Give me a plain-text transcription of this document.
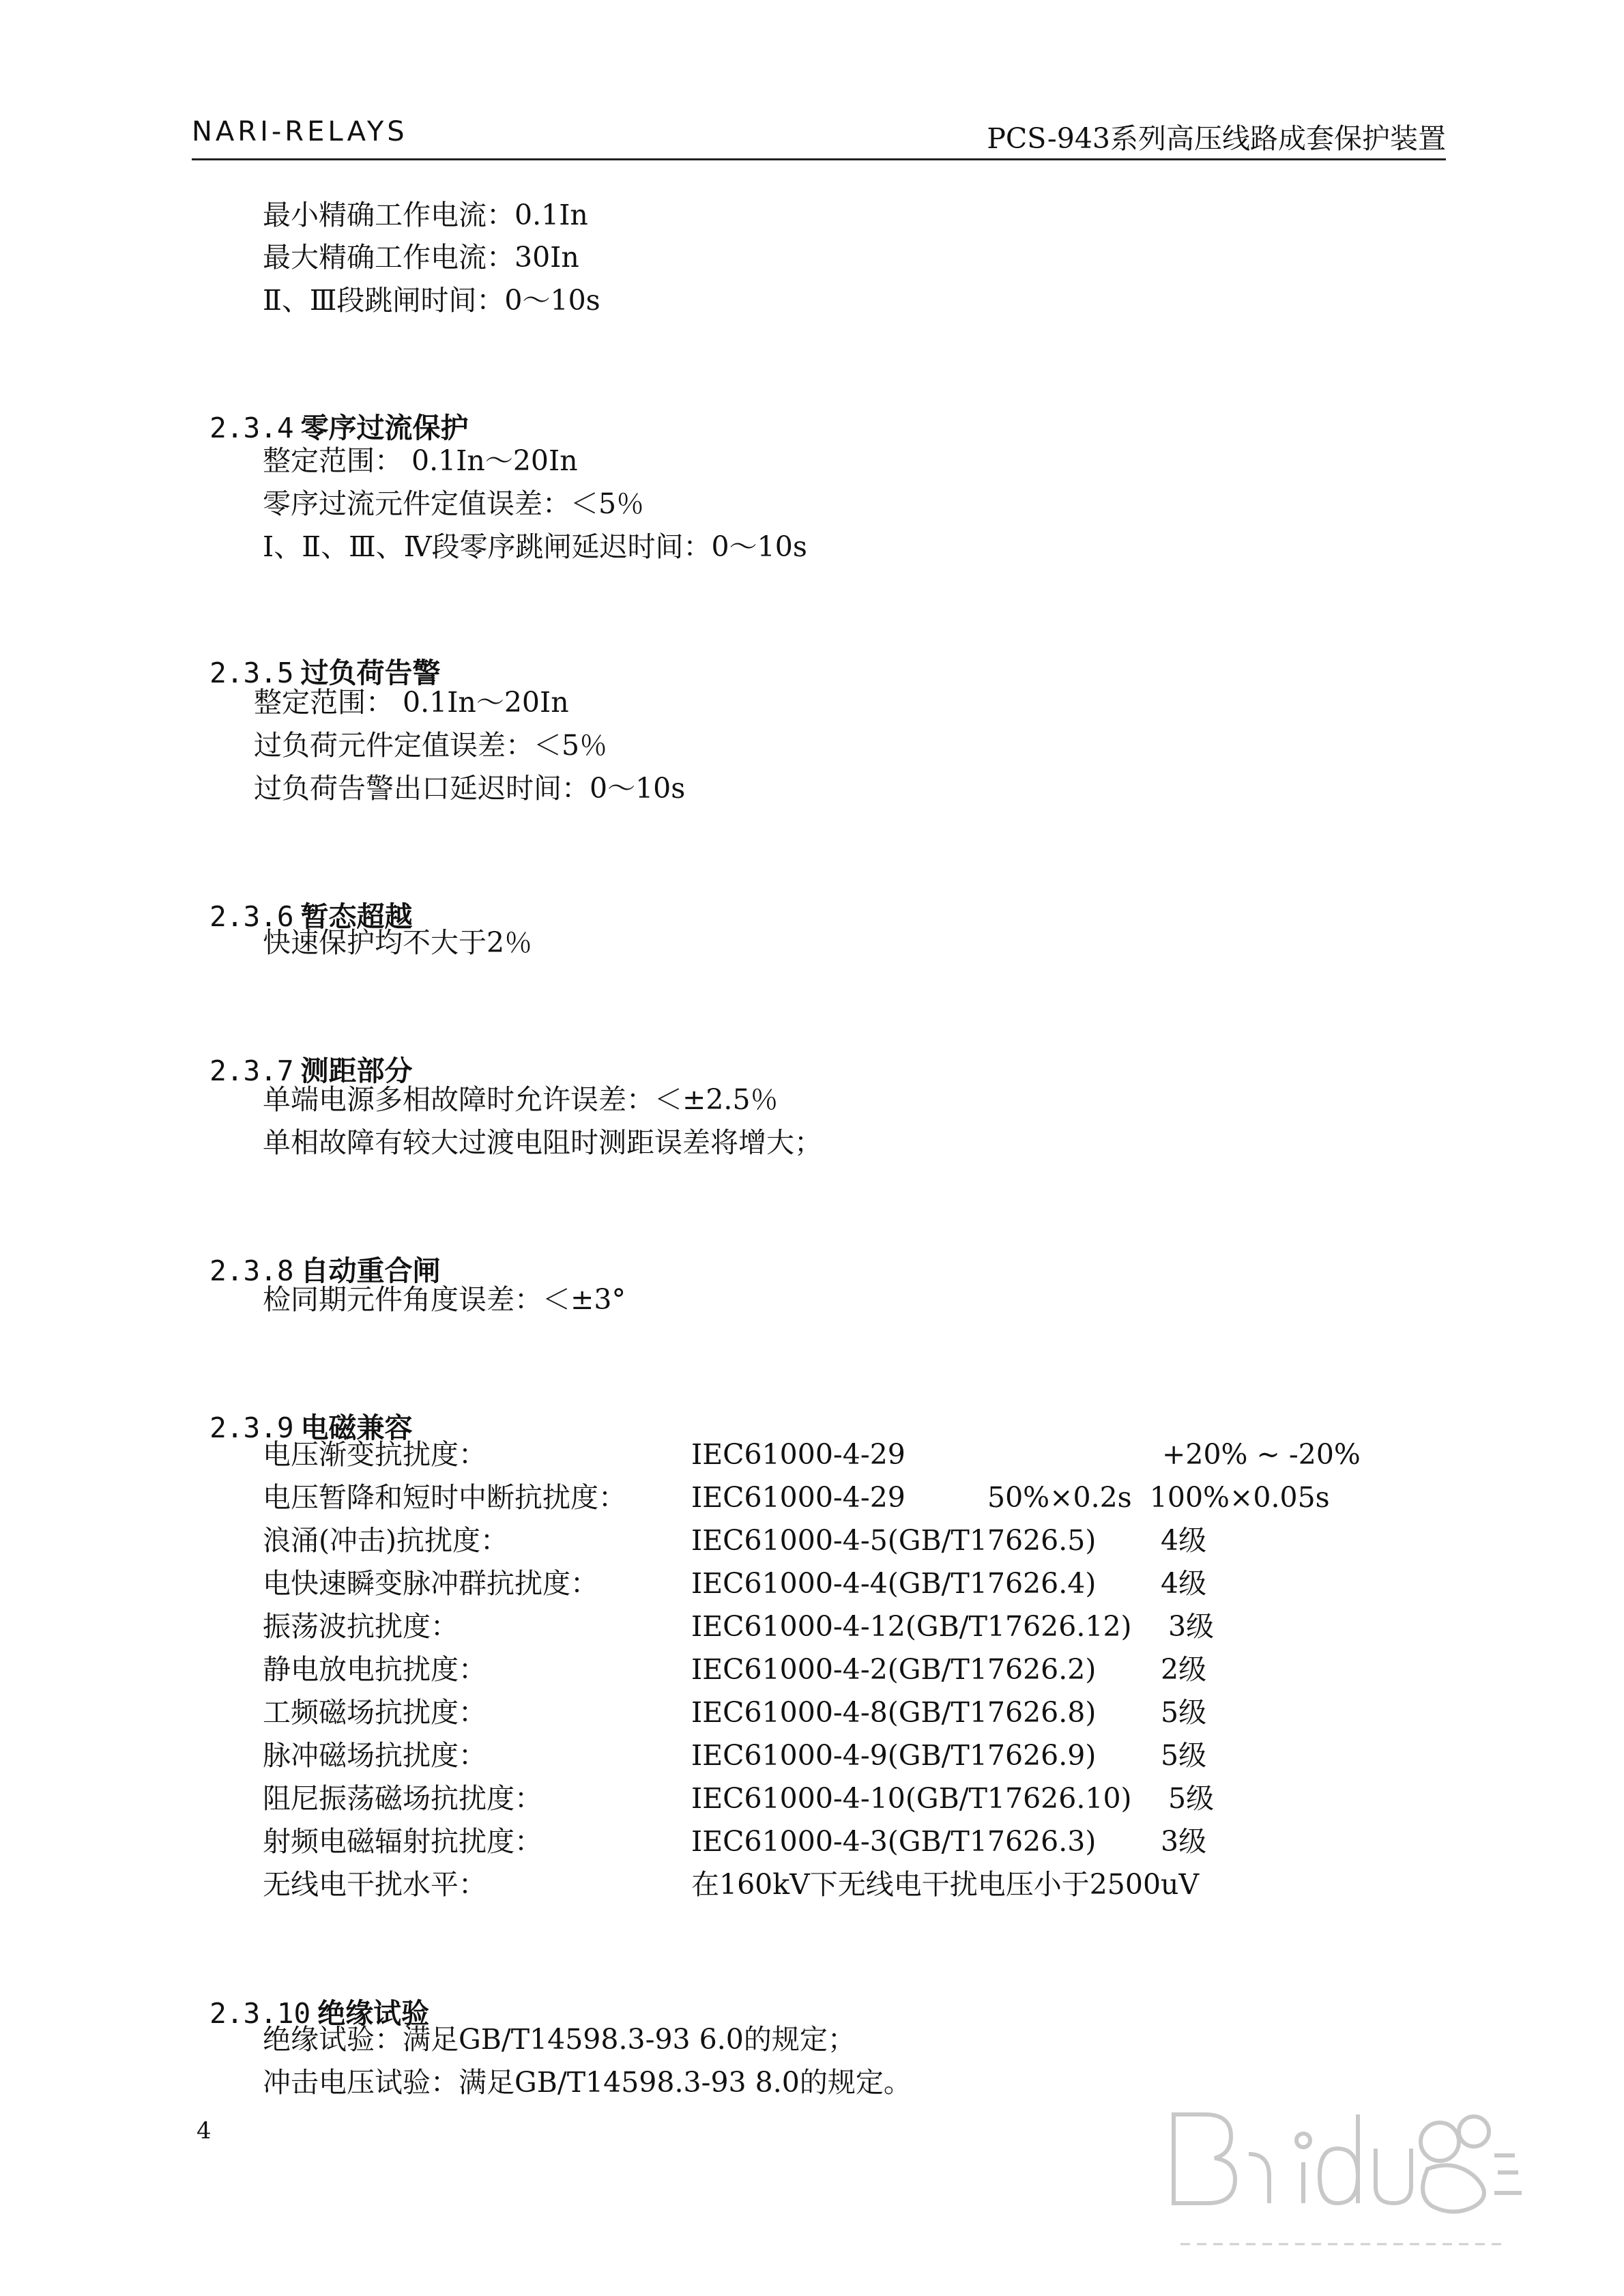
NARI-RELAYS	PCS-943系列高压线路成套保护装置
最小精确工作电流：0.1In
最大精确工作电流：30In
Ⅱ、Ⅲ段跳闸时间：0～10s

2.3.4 零序过流保护

整定范围： 0.1In～20In
零序过流元件定值误差：＜5％
Ⅰ、Ⅱ、Ⅲ、Ⅳ段零序跳闸延迟时间：0～10s

2.3.5 过负荷告警

整定范围： 0.1In～20In
过负荷元件定值误差：＜5％
过负荷告警出口延迟时间：0～10s

2.3.6 暂态超越

快速保护均不大于2％

2.3.7 测距部分

单端电源多相故障时允许误差：＜±2.5％
单相故障有较大过渡电阻时测距误差将增大；

2.3.8 自动重合闸

检同期元件角度误差：＜±3°

2.3.9 电磁兼容

电压渐变抗扰度：	IEC61000-4-29	+20% ~ -20%
电压暂降和短时中断抗扰度： IEC61000-4-29	50%×0.2s  100%×0.05s
浪涌(冲击)抗扰度：	IEC61000-4-5(GB/T17626.5) 4级
电快速瞬变脉冲群抗扰度：	IEC61000-4-4(GB/T17626.4) 4级
振荡波抗扰度：	IEC61000-4-12(GB/T17626.12) 3级
静电放电抗扰度：	IEC61000-4-2(GB/T17626.2) 2级
工频磁场抗扰度：	IEC61000-4-8(GB/T17626.8) 5级
脉冲磁场抗扰度：	IEC61000-4-9(GB/T17626.9) 5级
阻尼振荡磁场抗扰度：	IEC61000-4-10(GB/T17626.10) 5级
射频电磁辐射抗扰度：	IEC61000-4-3(GB/T17626.3) 3级
无线电干扰水平：	在160kV下无线电干扰电压小于2500uV

2.3.10 绝缘试验

绝缘试验：满足GB/T14598.3-93 6.0的规定；
冲击电压试验：满足GB/T14598.3-93 8.0的规定。
4
